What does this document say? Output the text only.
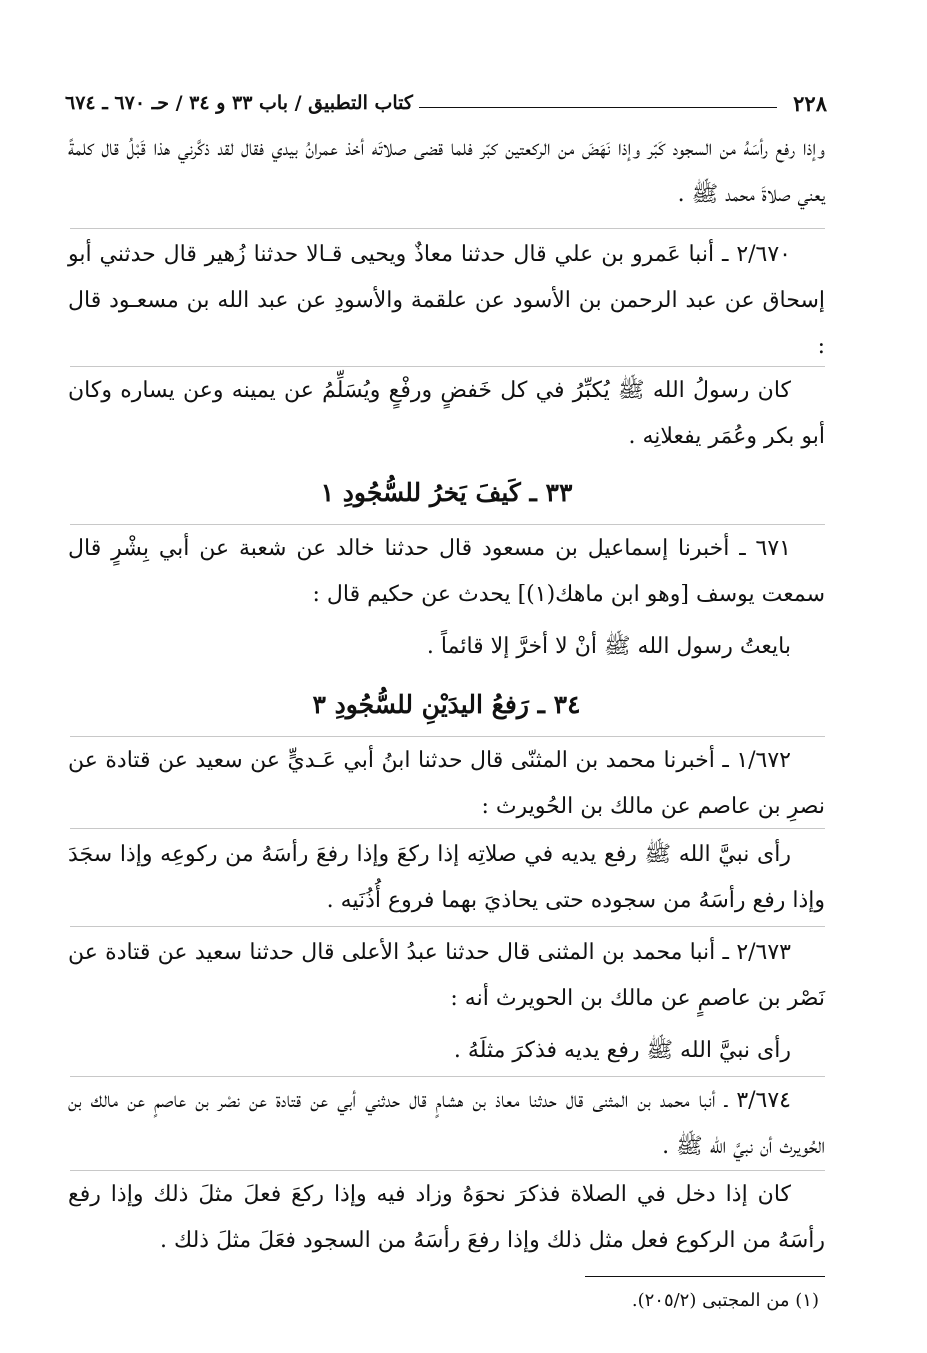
٢٢٨
كتاب التطبيق / باب ٣٣ و ٣٤ / حـ ٦٧٠ ـ ٦٧٤

وإذا رفع رأسَهُ من السجود كَبّر وإذا نَهَضَ من الركعتين كبّر فلما قضى صلاتَه أخذ عمرانُ بيدي فقال لقد ذكَّرني هذا قَبْلُ قال كلمةً يعني صلاةَ محمد ﷺ .

٢/٦٧٠ ـ أنبا عَمرو بن علي قال حدثنا معاذٌ ويحيى قـالا حدثنا زُهير قال حدثني أبو إسحاق عن عبد الرحمن بن الأسود عن علقمة والأسودِ عن عبد الله بن مسعـود قال :

كان رسولُ الله ﷺ يُكبِّرُ في كل خَفضٍ ورفْعٍ ويُسَلِّمُ عن يمينه وعن يساره وكان أبو بكر وعُمَر يفعلانِه .

٣٣ ـ كَيفَ يَخرُ للسُّجُودِ ١

٦٧١ ـ أخبرنا إسماعيل بن مسعود قال حدثنا خالد عن شعبة عن أبي بِشْرٍ قال سمعت يوسف [وهو ابن ماهك(١)] يحدث عن حكيم قال :

بايعتُ رسول الله ﷺ أنْ لا أخرَّ إلا قائماً .

٣٤ ـ رَفعُ اليدَيْنِ للسُّجُودِ ٣

١/٦٧٢ ـ أخبرنا محمد بن المثنّى قال حدثنا ابنُ أبي عَـديٍّ عن سعيد عن قتادة عن نصرِ بن عاصم عن مالك بن الحُويرث :

رأى نبيَّ الله ﷺ رفع يديه في صلاتِه إذا ركعَ وإذا رفعَ رأسَهُ من ركوعِه وإذا سجَدَ وإذا رفع رأسَهُ من سجوده حتى يحاذيَ بهما فروع أُذُنَيه .

٢/٦٧٣ ـ أنبا محمد بن المثنى قال حدثنا عبدُ الأعلى قال حدثنا سعيد عن قتادة عن نَصْر بن عاصمٍ عن مالك بن الحويرث أنه :

رأى نبيَّ الله ﷺ رفع يديه فذكرَ مثلَهُ .

٣/٦٧٤ ـ أنبا محمد بن المثنى قال حدثنا معاذ بن هشامٍ قال حدثني أبي عن قتادة عن نصْر بن عاصمٍ عن مالك بن الحُويرث أن نبيَّ الله ﷺ .

كان إذا دخل في الصلاة فذكرَ نحوَهُ وزاد فيه وإذا ركعَ فعلَ مثلَ ذلك وإذا رفع رأسَهُ من الركوع فعل مثل ذلك وإذا رفعَ رأسَهُ من السجود فعَلَ مثلَ ذلك .

(١) من المجتبى (٢٠٥/٢).
